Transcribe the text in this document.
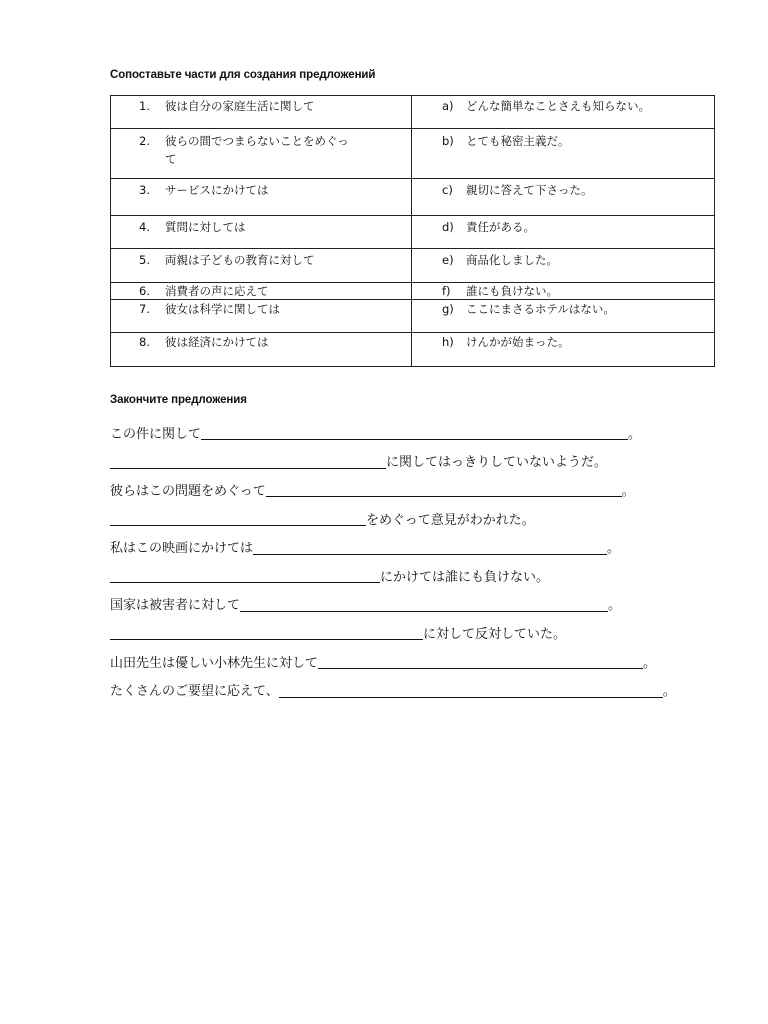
Сопоставьте части для создания предложений
1. 彼は自分の家庭生活に関して	a) どんな簡単なことさえも知らない。

2. 彼らの間でつまらないことをめぐって	b) とても秘密主義だ。

3. サービスにかけては	c) 親切に答えて下さった。

4. 質問に対しては	d) 責任がある。

5. 両親は子どもの教育に対して	e) 商品化しました。

6. 消費者の声に応えて	f) 誰にも負けない。

7. 彼女は科学に関しては	g) ここにまさるホテルはない。

8. 彼は経済にかけては	h) けんかが始まった。
Закончите предложения
この件に関して	。
に関してはっきりしていないようだ。
彼らはこの問題をめぐって	。
をめぐって意見がわかれた。
私はこの映画にかけては	。
にかけては誰にも負けない。
国家は被害者に対して	。
に対して反対していた。
山田先生は優しい小林先生に対して	。
たくさんのご要望に応えて、	。
